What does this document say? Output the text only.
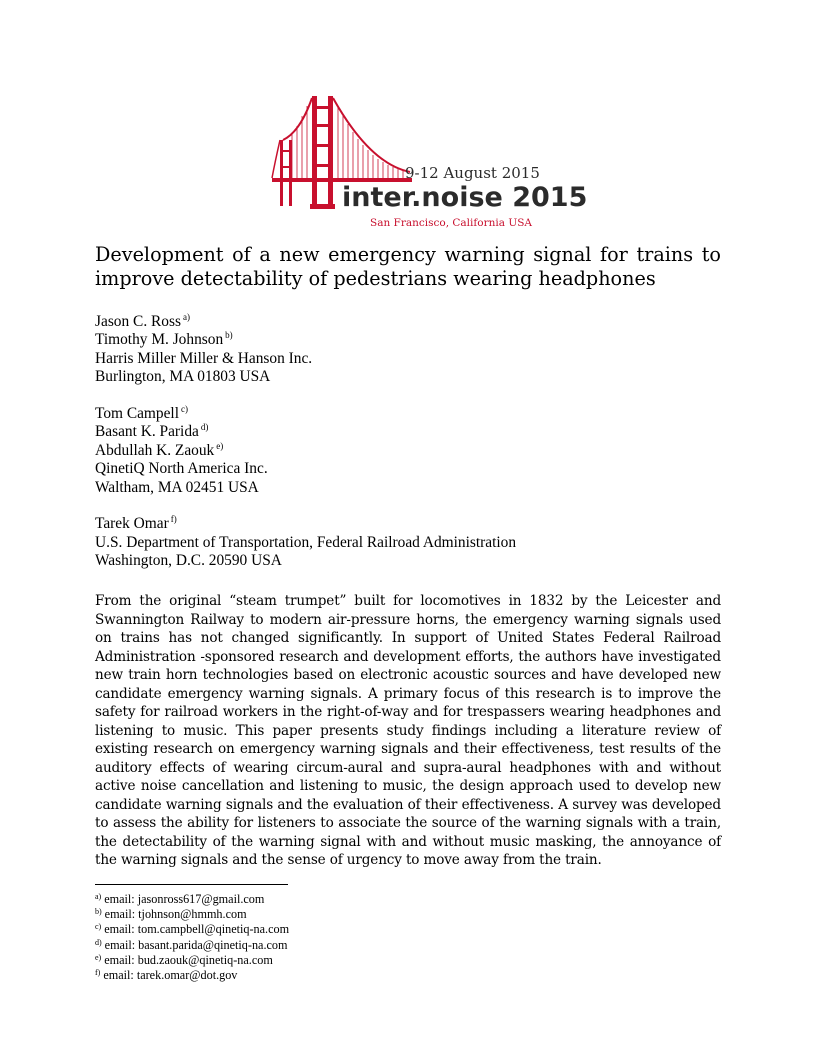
9-12 August 2015
inter.noise 2015
San Francisco, California USA
Development of a new emergency warning signal for trains to improve detectability of pedestrians wearing headphones
Jason C. Ross $^{a)}$
Timothy M. Johnson $^{b)}$
Harris Miller Miller & Hanson Inc.
Burlington, MA 01803 USA
Tom Campell $^{c)}$
Basant K. Parida $^{d)}$
Abdullah K. Zaouk $^{e)}$
QinetiQ North America Inc.
Waltham, MA 02451 USA
Tarek Omar $^{f)}$
U.S. Department of Transportation, Federal Railroad Administration
Washington, D.C. 20590 USA

From the original “steam trumpet” built for locomotives in 1832 by the Leicester and Swannington Railway to modern air-pressure horns, the emergency warning signals used on trains has not changed significantly. In support of United States Federal Railroad Administration -sponsored research and development efforts, the authors have investigated new train horn technologies based on electronic acoustic sources and have developed new candidate emergency warning signals. A primary focus of this research is to improve the safety for railroad workers in the right-of-way and for trespassers wearing headphones and listening to music. This paper presents study findings including a literature review of existing research on emergency warning signals and their effectiveness, test results of the auditory effects of wearing circum-aural and supra-aural headphones with and without active noise cancellation and listening to music, the design approach used to develop new candidate warning signals and the evaluation of their effectiveness. A survey was developed to assess the ability for listeners to associate the source of the warning signals with a train, the detectability of the warning signal with and without music masking, the annoyance of the warning signals and the sense of urgency to move away from the train.

$^{a)}$ email: jasonross617@gmail.com
$^{b)}$ email: tjohnson@hmmh.com
$^{c)}$ email: tom.campbell@qinetiq-na.com
$^{d)}$ email: basant.parida@qinetiq-na.com
$^{e)}$ email: bud.zaouk@qinetiq-na.com
$^{f)}$ email: tarek.omar@dot.gov
